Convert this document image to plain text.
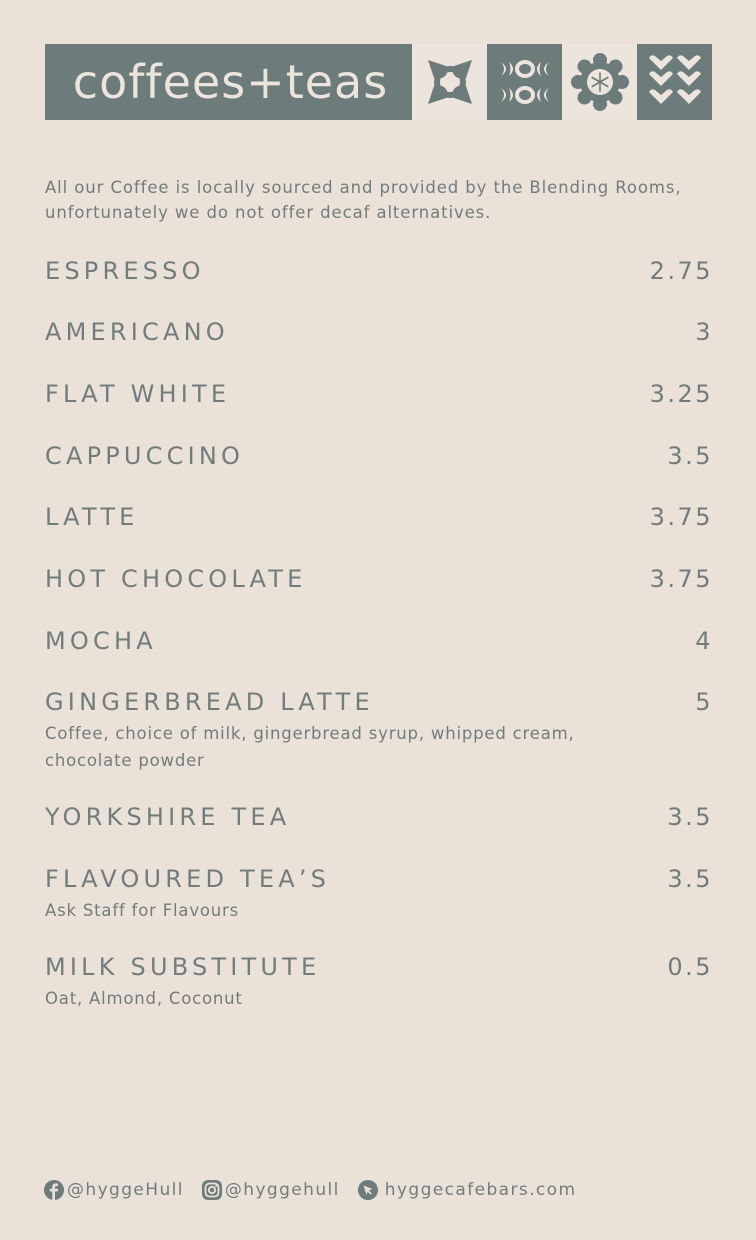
coffees+teas
All our Coffee is locally sourced and provided by the Blending Rooms, unfortunately we do not offer decaf alternatives.
ESPRESSO	2.75
AMERICANO	3
FLAT WHITE	3.25
CAPPUCCINO	3.5
LATTE	3.75
HOT CHOCOLATE	3.75
MOCHA	4
GINGERBREAD LATTE	5
Coffee, choice of milk, gingerbread syrup, whipped cream, chocolate powder
YORKSHIRE TEA	3.5
FLAVOURED TEA’S	3.5
Ask Staff for Flavours
MILK SUBSTITUTE	0.5
Oat, Almond, Coconut
@hyggeHull @hyggehull	hyggecafebars.com
